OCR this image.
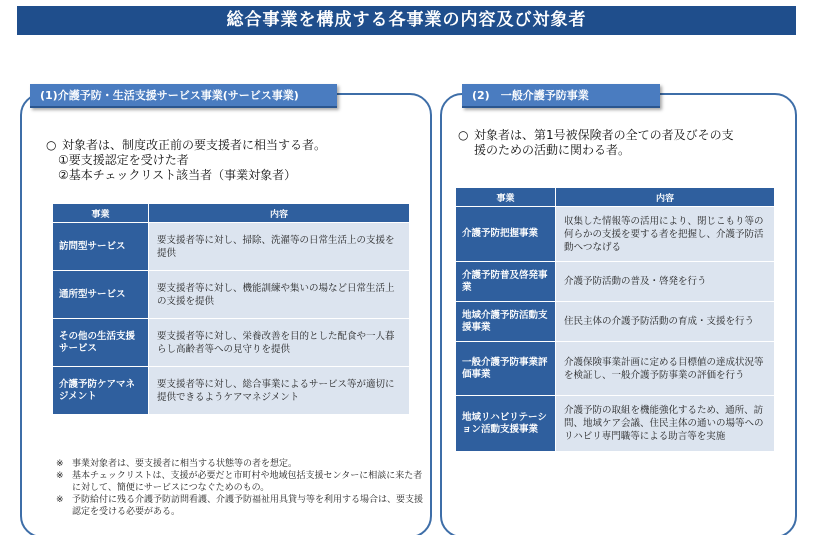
総合事業を構成する各事業の内容及び対象者
(1)介護予防・生活支援サービス事業(サービス事業)	(2)　一般介護予防事業
○ 対象者は、制度改正前の要支援者に相当する者。
①要支援認定を受けた者
②基本チェックリスト該当者（事業対象者）
○ 対象者は、第1号被保険者の全ての者及びその支
援のための活動に関わる者。
事業	内容
訪問型サービス	要支援者等に対し、掃除、洗濯等の日常生活上の支援を提供
通所型サービス	要支援者等に対し、機能訓練や集いの場など日常生活上の支援を提供
その他の生活支援サービス	要支援者等に対し、栄養改善を目的とした配食や一人暮らし高齢者等への見守りを提供
介護予防ケアマネジメント	要支援者等に対し、総合事業によるサービス等が適切に提供できるようケアマネジメント
事業	内容
介護予防把握事業	収集した情報等の活用により、閉じこもり等の何らかの支援を要する者を把握し、介護予防活動へつなげる
介護予防普及啓発事業	介護予防活動の普及・啓発を行う
地域介護予防活動支援事業	住民主体の介護予防活動の育成・支援を行う
一般介護予防事業評価事業	介護保険事業計画に定める目標値の達成状況等を検証し、一般介護予防事業の評価を行う
地域リハビリテーション活動支援事業	介護予防の取組を機能強化するため、通所、訪問、地域ケア会議、住民主体の通いの場等へのリハビリ専門職等による助言等を実施
※ 事業対象者は、要支援者に相当する状態等の者を想定。
※ 基本チェックリストは、支援が必要だと市町村や地域包括支援センターに相談に来た者に対して、簡便にサービスにつなぐためのもの。
※ 予防給付に残る介護予防訪問看護、介護予防福祉用具貸与等を利用する場合は、要支援認定を受ける必要がある。
